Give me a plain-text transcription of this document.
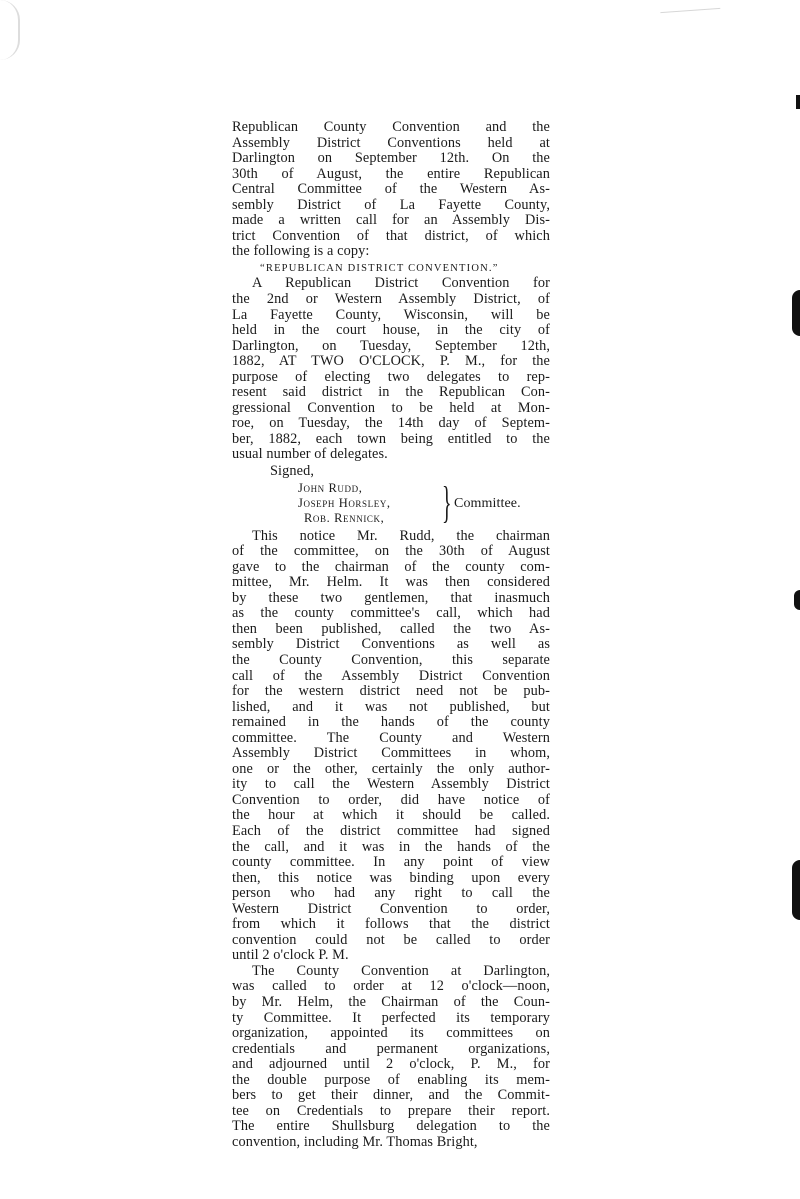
Republican County Convention and the
Assembly District Conventions held at
Darlington on September 12th. On the
30th of August, the entire Republican
Central Committee of the Western As-
sembly District of La Fayette County,
made a written call for an Assembly Dis-
trict Convention of that district, of which
the following is a copy:
“REPUBLICAN DISTRICT CONVENTION.”
A Republican District Convention for
the 2nd or Western Assembly District, of
La Fayette County, Wisconsin, will be
held in the court house, in the city of
Darlington, on Tuesday, September 12th,
1882, AT TWO O'CLOCK, P. M., for the
purpose of electing two delegates to rep-
resent said district in the Republican Con-
gressional Convention to be held at Mon-
roe, on Tuesday, the 14th day of Septem-
ber, 1882, each town being entitled to the
usual number of delegates.
Signed,
John Rudd,
Joseph Horsley,
Rob. Rennick, } Committee.
This notice Mr. Rudd, the chairman
of the committee, on the 30th of August
gave to the chairman of the county com-
mittee, Mr. Helm. It was then considered
by these two gentlemen, that inasmuch
as the county committee's call, which had
then been published, called the two As-
sembly District Conventions as well as
the County Convention, this separate
call of the Assembly District Convention
for the western district need not be pub-
lished, and it was not published, but
remained in the hands of the county
committee. The County and Western
Assembly District Committees in whom,
one or the other, certainly the only author-
ity to call the Western Assembly District
Convention to order, did have notice of
the hour at which it should be called.
Each of the district committee had signed
the call, and it was in the hands of the
county committee. In any point of view
then, this notice was binding upon every
person who had any right to call the
Western District Convention to order,
from which it follows that the district
convention could not be called to order
until 2 o'clock P. M.
The County Convention at Darlington,
was called to order at 12 o'clock—noon,
by Mr. Helm, the Chairman of the Coun-
ty Committee. It perfected its temporary
organization, appointed its committees on
credentials and permanent organizations,
and adjourned until 2 o'clock, P. M., for
the double purpose of enabling its mem-
bers to get their dinner, and the Commit-
tee on Credentials to prepare their report.
The entire Shullsburg delegation to the
convention, including Mr. Thomas Bright,
